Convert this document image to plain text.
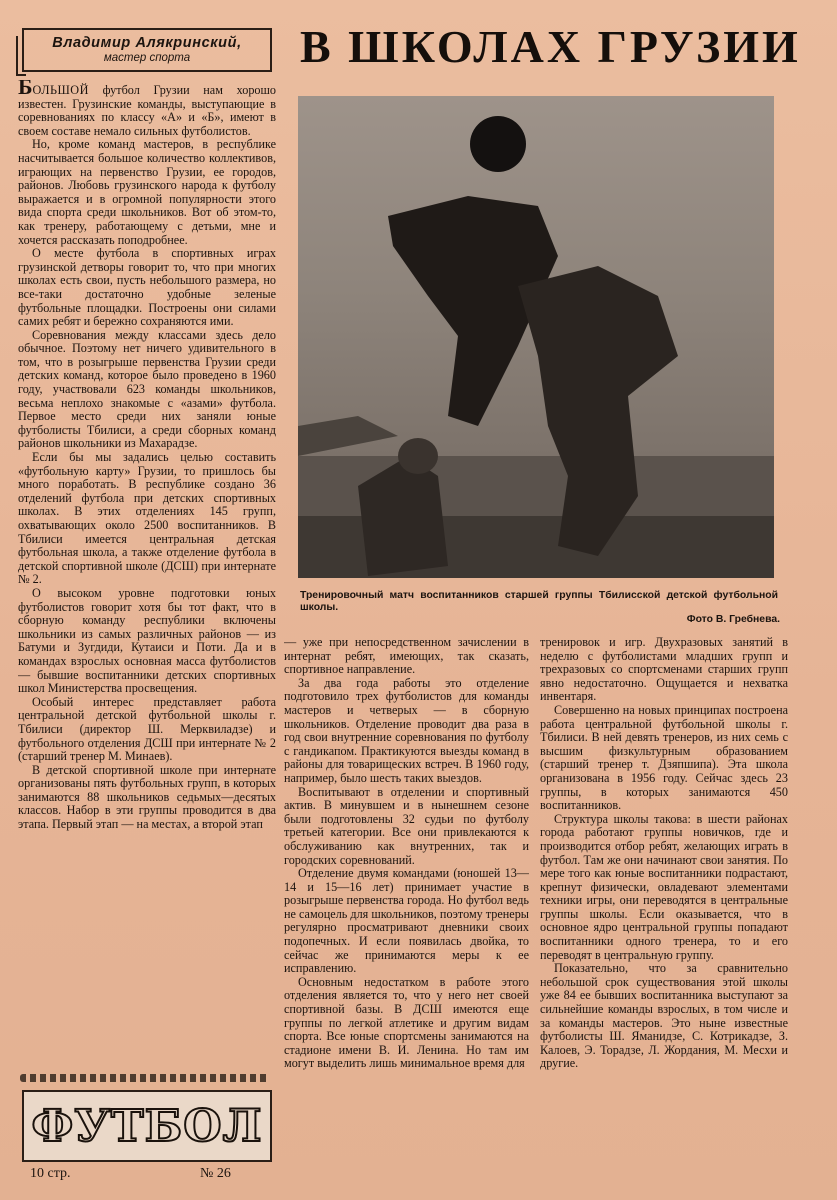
Владимир Алякринский,
мастер спорта	В ШКОЛАХ ГРУЗИИ

БОЛЬШОЙ футбол Грузии нам хорошо известен. Грузинские команды, выступающие в соревнованиях по классу «А» и «Б», имеют в своем составе немало сильных футболистов.

Но, кроме команд мастеров, в республике насчитывается большое количество коллективов, играющих на первенство Грузии, ее городов, районов. Любовь грузинского народа к футболу выражается и в огромной популярности этого вида спорта среди школьников. Вот об этом-то, как тренеру, работающему с детьми, мне и хочется рассказать поподробнее.

О месте футбола в спортивных играх грузинской детворы говорит то, что при многих школах есть свои, пусть небольшого размера, но все-таки достаточно удобные зеленые футбольные площадки. Построены они силами самих ребят и бережно сохраняются ими.

Соревнования между классами здесь дело обычное. Поэтому нет ничего удивительного в том, что в розыгрыше первенства Грузии среди детских команд, которое было проведено в 1960 году, участвовали 623 команды школьников, весьма неплохо знакомые с «азами» футбола. Первое место среди них заняли юные футболисты Тбилиси, а среди сборных команд районов школьники из Махарадзе.

Если бы мы задались целью составить «футбольную карту» Грузии, то пришлось бы много поработать. В республике создано 36 отделений футбола при детских спортивных школах. В этих отделениях 145 групп, охватывающих около 2500 воспитанников. В Тбилиси имеется центральная детская футбольная школа, а также отделение футбола в детской спортивной школе (ДСШ) при интернате № 2.

О высоком уровне подготовки юных футболистов говорит хотя бы тот факт, что в сборную команду республики включены школьники из самых различных районов — из Батуми и Зугдиди, Кутаиси и Поти. Да и в командах взрослых основная масса футболистов — бывшие воспитанники детских спортивных школ Министерства просвещения.

Особый интерес представляет работа центральной детской футбольной школы г. Тбилиси (директор Ш. Мерквиладзе) и футбольного отделения ДСШ при интернате № 2 (старший тренер М. Минаев).

В детской спортивной школе при интернате организованы пять футбольных групп, в которых занимаются 88 школьников седьмых—десятых классов. Набор в эти группы проводится в два этапа. Первый этап — на местах, а второй этап

Тренировочный матч воспитанников старшей группы Тбилисской детской футбольной школы.
Фото В. Гребнева.

— уже при непосредственном зачислении в интернат ребят, имеющих, так сказать, спортивное направление.

За два года работы это отделение подготовило трех футболистов для команды мастеров и четверых — в сборную школьников. Отделение проводит два раза в год свои внутренние соревнования по футболу с гандикапом. Практикуются выезды команд в районы для товарищеских встреч. В 1960 году, например, было шесть таких выездов.

Воспитывают в отделении и спортивный актив. В минувшем и в нынешнем сезоне были подготовлены 32 судьи по футболу третьей категории. Все они привлекаются к обслуживанию как внутренних, так и городских соревнований.

Отделение двумя командами (юношей 13—14 и 15—16 лет) принимает участие в розыгрыше первенства города. Но футбол ведь не самоцель для школьников, поэтому тренеры регулярно просматривают дневники своих подопечных. И если появилась двойка, то сейчас же принимаются меры к ее исправлению.

Основным недостатком в работе этого отделения является то, что у него нет своей спортивной базы. В ДСШ имеются еще группы по легкой атлетике и другим видам спорта. Все юные спортсмены занимаются на стадионе имени В. И. Ленина. Но там им могут выделить лишь минимальное время для

тренировок и игр. Двухразовых занятий в неделю с футболистами младших групп и трехразовых со спортсменами старших групп явно недостаточно. Ощущается и нехватка инвентаря.

Совершенно на новых принципах построена работа центральной футбольной школы г. Тбилиси. В ней девять тренеров, из них семь с высшим физкультурным образованием (старший тренер т. Дзяпшипа). Эта школа организована в 1956 году. Сейчас здесь 23 группы, в которых занимаются 450 воспитанников.

Структура школы такова: в шести районах города работают группы новичков, где и производится отбор ребят, желающих играть в футбол. Там же они начинают свои занятия. По мере того как юные воспитанники подрастают, крепнут физически, овладевают элементами техники игры, они переводятся в центральные группы школы. Если оказывается, что в основное ядро центральной группы попадают воспитанники одного тренера, то и его переводят в центральную группу.

Показательно, что за сравнительно небольшой срок существования этой школы уже 84 ее бывших воспитанника выступают за сильнейшие команды взрослых, в том числе и за команды мастеров. Это ныне известные футболисты Ш. Яманидзе, С. Котрикадзе, З. Калоев, Э. Торадзе, Л. Жордания, М. Месхи и другие.

ФУТБОЛ
10 стр.	№ 26
